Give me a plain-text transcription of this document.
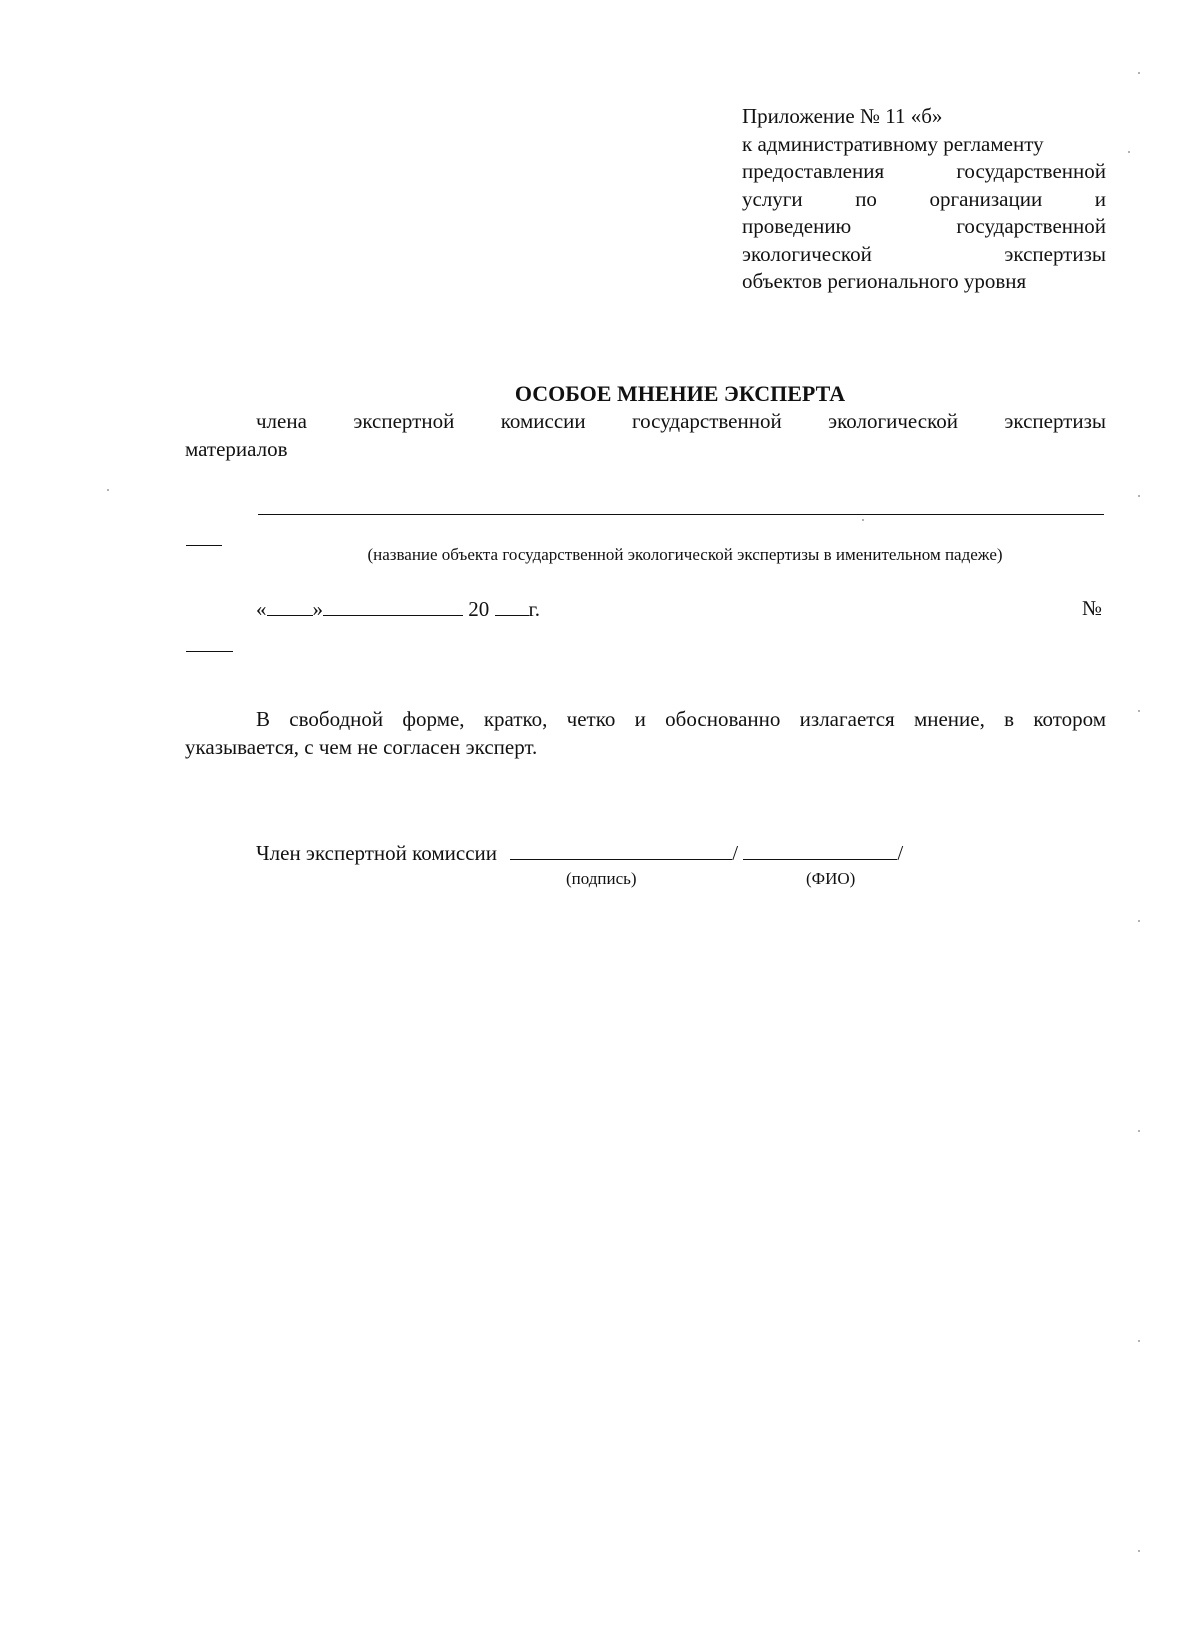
Приложение № 11 «б»
к административному регламенту
предоставления государственной
услуги по организации и
проведению государственной
экологической экспертизы
объектов регионального уровня
ОСОБОЕ МНЕНИЕ ЭКСПЕРТА
члена экспертной комиссии государственной экологической экспертизы
материалов
(название объекта государственной экологической экспертизы в именительном падеже)
« »	20 г.	№
В свободной форме, кратко, четко и обоснованно излагается мнение, в котором
указывается, с чем не согласен эксперт.
Член экспертной комиссии	/	/
(подпись)	(ФИО)
